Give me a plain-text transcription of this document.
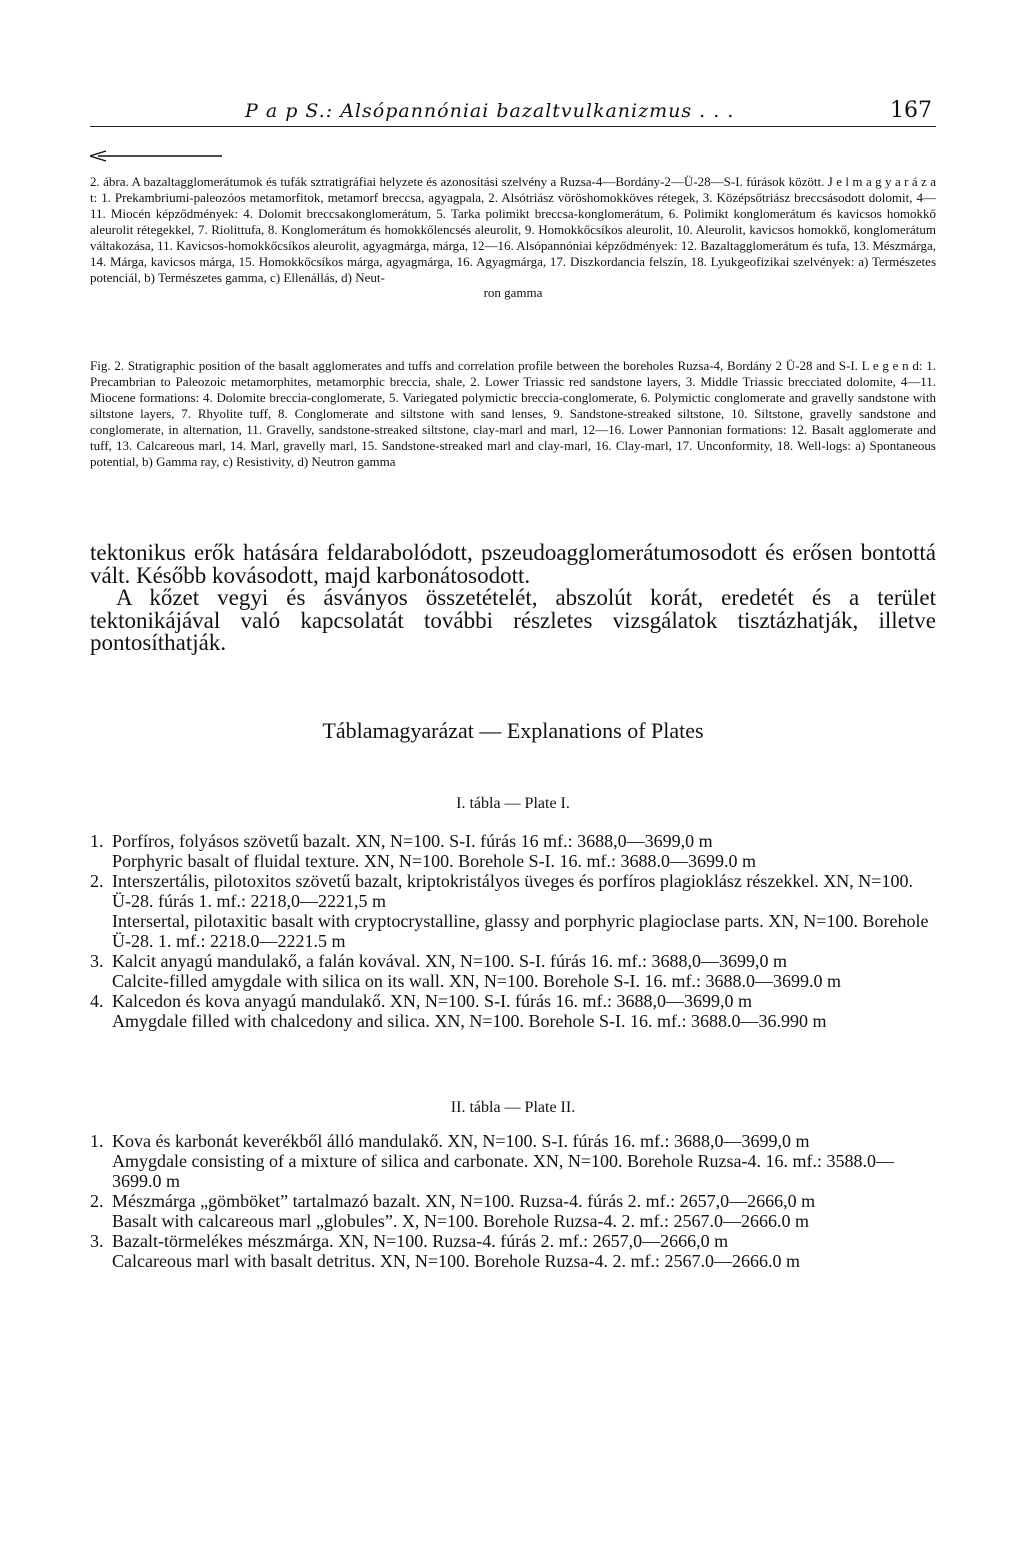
P a p S.: Alsópannóniai bazaltvulkanizmus . . .	167
2. ábra. A bazaltagglomerátumok és tufák sztratigráfiai helyzete és azonosítási szelvény a Ruzsa-4—Bordány-2—Ü-28—S-I. fúrások között. J e l m a g y a r á z a t: 1. Prekambriumi-paleozóos metamorfitok, metamorf breccsa, agyagpala, 2. Alsótriász vöröshomokköves rétegek, 3. Középsőtriász breccsásodott dolomit, 4—11. Miocén képződmények: 4. Dolomit breccsakonglomerátum, 5. Tarka polimikt breccsa-konglomerátum, 6. Polimikt konglomerátum és kavicsos homokkő aleurolit rétegekkel, 7. Riolittufa, 8. Konglomerátum és homokkőlencsés aleurolit, 9. Homokkőcsíkos aleurolit, 10. Aleurolit, kavicsos homokkő, konglomerátum váltakozása, 11. Kavicsos-homokkőcsíkos aleurolit, agyagmárga, márga, 12—16. Alsópannóniai képződmények: 12. Bazaltagglomerátum és tufa, 13. Mészmárga, 14. Márga, kavicsos márga, 15. Homokkőcsíkos márga, agyagmárga, 16. Agyagmárga, 17. Diszkordancia felszín, 18. Lyukgeofizikai szelvények: a) Természetes potenciál, b) Természetes gamma, c) Ellenállás, d) Neut-
ron gamma
Fig. 2. Stratigraphic position of the basalt agglomerates and tuffs and correlation profile between the boreholes Ruzsa-4, Bordány 2 Ü-28 and S-I. L e g e n d: 1. Precambrian to Paleozoic metamorphites, metamorphic breccia, shale, 2. Lower Triassic red sandstone layers, 3. Middle Triassic brecciated dolomite, 4—11. Miocene formations: 4. Dolomite breccia-conglomerate, 5. Variegated polymictic breccia-conglomerate, 6. Polymictic conglomerate and gravelly sandstone with siltstone layers, 7. Rhyolite tuff, 8. Conglomerate and siltstone with sand lenses, 9. Sandstone-streaked siltstone, 10. Siltstone, gravelly sandstone and conglomerate, in alternation, 11. Gravelly, sandstone-streaked siltstone, clay-marl and marl, 12—16. Lower Pannonian formations: 12. Basalt agglomerate and tuff, 13. Calcareous marl, 14. Marl, gravelly marl, 15. Sandstone-streaked marl and clay-marl, 16. Clay-marl, 17. Unconformity, 18. Well-logs: a) Spontaneous potential, b) Gamma ray, c) Resistivity, d) Neutron gamma

tektonikus erők hatására feldarabolódott, pszeudoagglomerátumosodott és erősen bontottá vált. Később kovásodott, majd karbonátosodott.

A kőzet vegyi és ásványos összetételét, abszolút korát, eredetét és a terület tektonikájával való kapcsolatát további részletes vizsgálatok tisztázhatják, illetve pontosíthatják.

Táblamagyarázat — Explanations of Plates
I. tábla — Plate I.
1. Porfíros, folyásos szövetű bazalt. XN, N=100. S-I. fúrás 16 mf.: 3688,0—3699,0 m
Porphyric basalt of fluidal texture. XN, N=100. Borehole S-I. 16. mf.: 3688.0—3699.0 m
2. Interszertális, pilotoxitos szövetű bazalt, kriptokristályos üveges és porfíros plagioklász részekkel. XN, N=100. Ü-28. fúrás 1. mf.: 2218,0—2221,5 m
Intersertal, pilotaxitic basalt with cryptocrystalline, glassy and porphyric plagioclase parts. XN, N=100. Borehole Ü-28. 1. mf.: 2218.0—2221.5 m
3. Kalcit anyagú mandulakő, a falán kovával. XN, N=100. S-I. fúrás 16. mf.: 3688,0—3699,0 m
Calcite-filled amygdale with silica on its wall. XN, N=100. Borehole S-I. 16. mf.: 3688.0—3699.0 m
4. Kalcedon és kova anyagú mandulakő. XN, N=100. S-I. fúrás 16. mf.: 3688,0—3699,0 m
Amygdale filled with chalcedony and silica. XN, N=100. Borehole S-I. 16. mf.: 3688.0—36.990 m
II. tábla — Plate II.
1. Kova és karbonát keverékből álló mandulakő. XN, N=100. S-I. fúrás 16. mf.: 3688,0—3699,0 m
Amygdale consisting of a mixture of silica and carbonate. XN, N=100. Borehole Ruzsa-4. 16. mf.: 3588.0—3699.0 m
2. Mészmárga „gömböket” tartalmazó bazalt. XN, N=100. Ruzsa-4. fúrás 2. mf.: 2657,0—2666,0 m
Basalt with calcareous marl „globules”. X, N=100. Borehole Ruzsa-4. 2. mf.: 2567.0—2666.0 m
3. Bazalt-törmelékes mészmárga. XN, N=100. Ruzsa-4. fúrás 2. mf.: 2657,0—2666,0 m
Calcareous marl with basalt detritus. XN, N=100. Borehole Ruzsa-4. 2. mf.: 2567.0—2666.0 m
